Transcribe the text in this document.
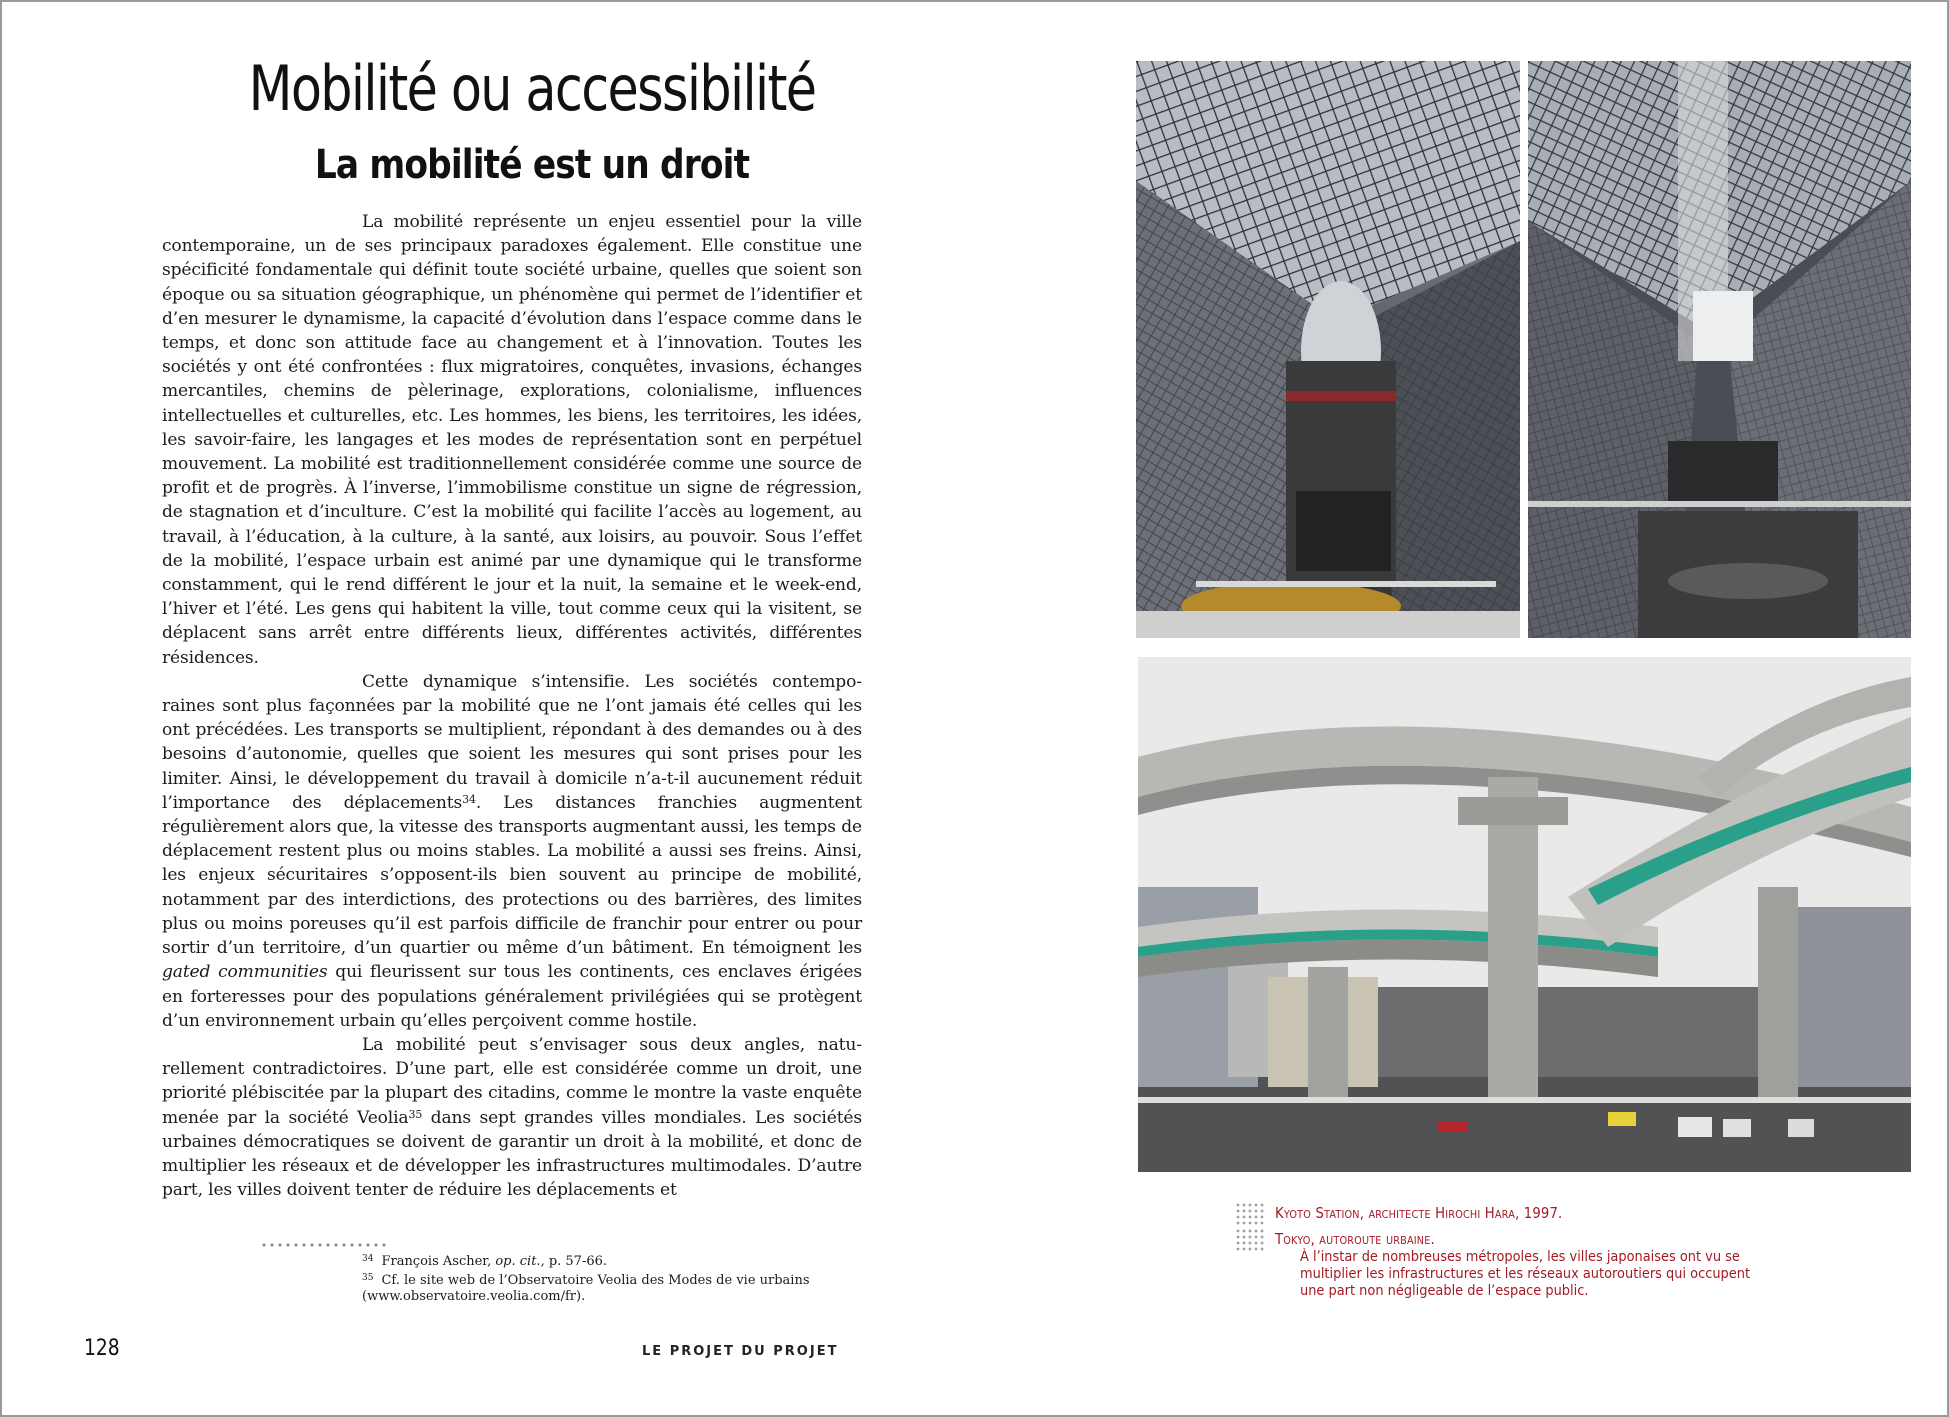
Mobilité ou accessibilité
La mobilité est un droit

La mobilité représente un enjeu essentiel pour la ville contemporaine, un de ses principaux paradoxes également. Elle constitue une spécificité fondamentale qui définit toute société urbaine, quelles que soient son époque ou sa situation géographique, un phénomène qui permet de l’identifier et d’en mesurer le dynamisme, la capacité d’évolution dans l’espace comme dans le temps, et donc son attitude face au changement et à l’innovation. Toutes les sociétés y ont été confrontées : flux migratoires, conquêtes, invasions, échanges mercantiles, chemins de pèlerinage, explorations, colonialisme, influences intellectuelles et culturelles, etc. Les hommes, les biens, les territoires, les idées, les savoir-faire, les langages et les modes de représentation sont en perpétuel mouvement. La mobilité est traditionnellement considérée comme une source de profit et de progrès. À l’inverse, l’immobilisme constitue un signe de régression, de stagnation et d’inculture. C’est la mobilité qui facilite l’accès au logement, au travail, à l’éducation, à la culture, à la santé, aux loisirs, au pouvoir. Sous l’effet de la mobilité, l’espace urbain est animé par une dynamique qui le transforme constamment, qui le rend différent le jour et la nuit, la semaine et le week-end, l’hiver et l’été. Les gens qui habitent la ville, tout comme ceux qui la visitent, se déplacent sans arrêt entre différents lieux, différentes activités, différentes résidences.

Cette dynamique s’intensifie. Les sociétés contemporaines sont plus façonnées par la mobilité que ne l’ont jamais été celles qui les ont précédées. Les transports se multiplient, répondant à des demandes ou à des besoins d’autonomie, quelles que soient les mesures qui sont prises pour les limiter. Ainsi, le développement du travail à domicile n’a-t-il aucunement réduit l’importance des déplacements$^{34}$. Les distances franchies augmentent régulièrement alors que, la vitesse des transports augmentant aussi, les temps de déplacement restent plus ou moins stables. La mobilité a aussi ses freins. Ainsi, les enjeux sécuritaires s’opposent-ils bien souvent au principe de mobilité, notamment par des interdictions, des protections ou des barrières, des limites plus ou moins poreuses qu’il est parfois difficile de franchir pour entrer ou pour sortir d’un territoire, d’un quartier ou même d’un bâtiment. En témoignent les gated communities qui fleurissent sur tous les continents, ces enclaves érigées en forteresses pour des populations généralement privilégiées qui se protègent d’un environnement urbain qu’elles perçoivent comme hostile.

La mobilité peut s’envisager sous deux angles, naturellement contradictoires. D’une part, elle est considérée comme un droit, une priorité plébiscitée par la plupart des citadins, comme le montre la vaste enquête menée par la société Veolia$^{35}$ dans sept grandes villes mondiales. Les sociétés urbaines démocratiques se doivent de garantir un droit à la mobilité, et donc de multiplier les réseaux et de développer les infrastructures multimodales. D’autre part, les villes doivent tenter de réduire les déplacements et

$^{34}$ François Ascher, op. cit., p. 57-66.
$^{35}$ Cf. le site web de l’Observatoire Veolia des Modes de vie urbains (www.observatoire.veolia.com/fr).
128	LE PROJET DU PROJET
Kyoto Station, architecte Hirochi Hara, 1997.
Tokyo, autoroute urbaine.
À l’instar de nombreuses métropoles, les villes japonaises ont vu se multiplier les infrastructures et les réseaux autoroutiers qui occupent une part non négligeable de l’espace public.
